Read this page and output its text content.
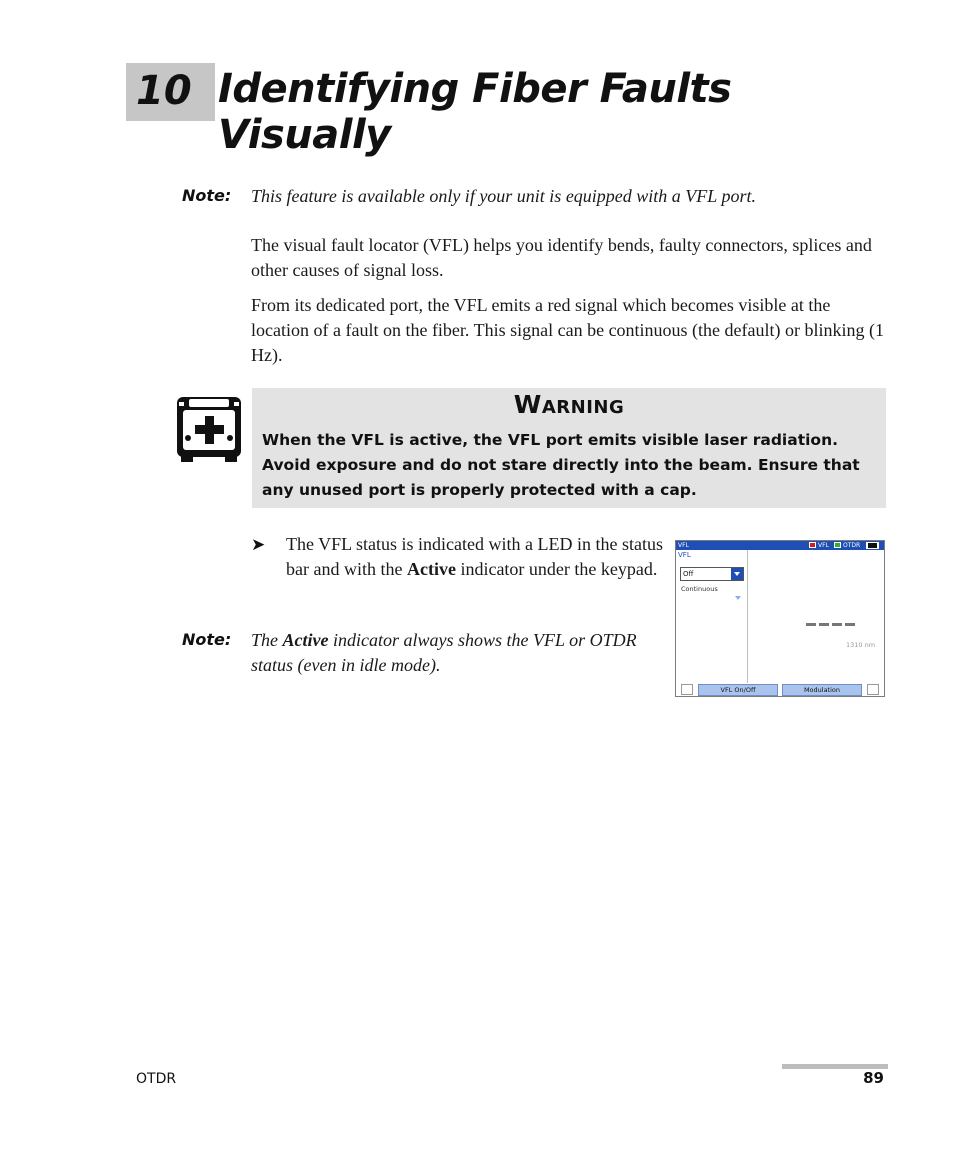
10 Identifying Fiber Faults Visually
Note: This feature is available only if your unit is equipped with a VFL port.
The visual fault locator (VFL) helps you identify bends, faulty connectors, splices and other causes of signal loss.
From its dedicated port, the VFL emits a red signal which becomes visible at the location of a fault on the fiber. This signal can be continuous (the default) or blinking (1 Hz).
Warning
When the VFL is active, the VFL port emits visible laser radiation. Avoid exposure and do not stare directly into the beam. Ensure that any unused port is properly protected with a cap.
➤ The VFL status is indicated with a LED in the status bar and with the Active indicator under the keypad.
Note: The Active indicator always shows the VFL or OTDR status (even in idle mode).
VFL	VFL OTDR
VFL
Off
Continuous
1310 nm
VFL On/Off	Modulation
OTDR	89
